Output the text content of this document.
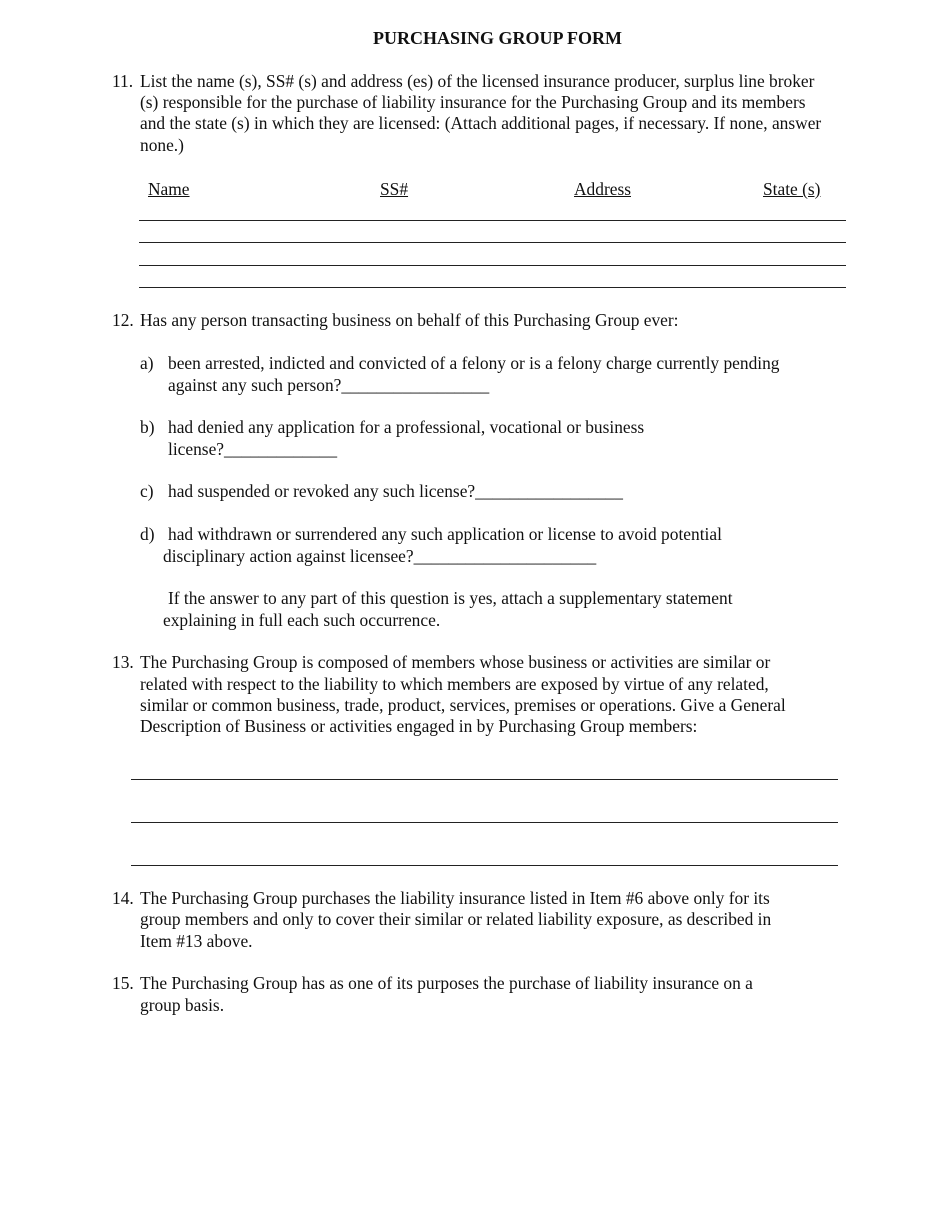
PURCHASING GROUP FORM
11. List the name (s), SS# (s) and address (es) of the licensed insurance producer, surplus line broker
(s) responsible for the purchase of liability insurance for the Purchasing Group and its members
and the state (s) in which they are licensed: (Attach additional pages, if necessary. If none, answer
none.)
Name	SS#	Address	State (s)
12. Has any person transacting business on behalf of this Purchasing Group ever:
a) been arrested, indicted and convicted of a felony or is a felony charge currently pending
against any such person?_________________
b) had denied any application for a professional, vocational or business
license?_____________
c) had suspended or revoked any such license?_________________
d) had withdrawn or surrendered any such application or license to avoid potential
disciplinary action against licensee?_____________________
If the answer to any part of this question is yes, attach a supplementary statement
explaining in full each such occurrence.
13. The Purchasing Group is composed of members whose business or activities are similar or
related with respect to the liability to which members are exposed by virtue of any related,
similar or common business, trade, product, services, premises or operations. Give a General
Description of Business or activities engaged in by Purchasing Group members:
14. The Purchasing Group purchases the liability insurance listed in Item #6 above only for its
group members and only to cover their similar or related liability exposure, as described in
Item #13 above.
15. The Purchasing Group has as one of its purposes the purchase of liability insurance on a
group basis.
